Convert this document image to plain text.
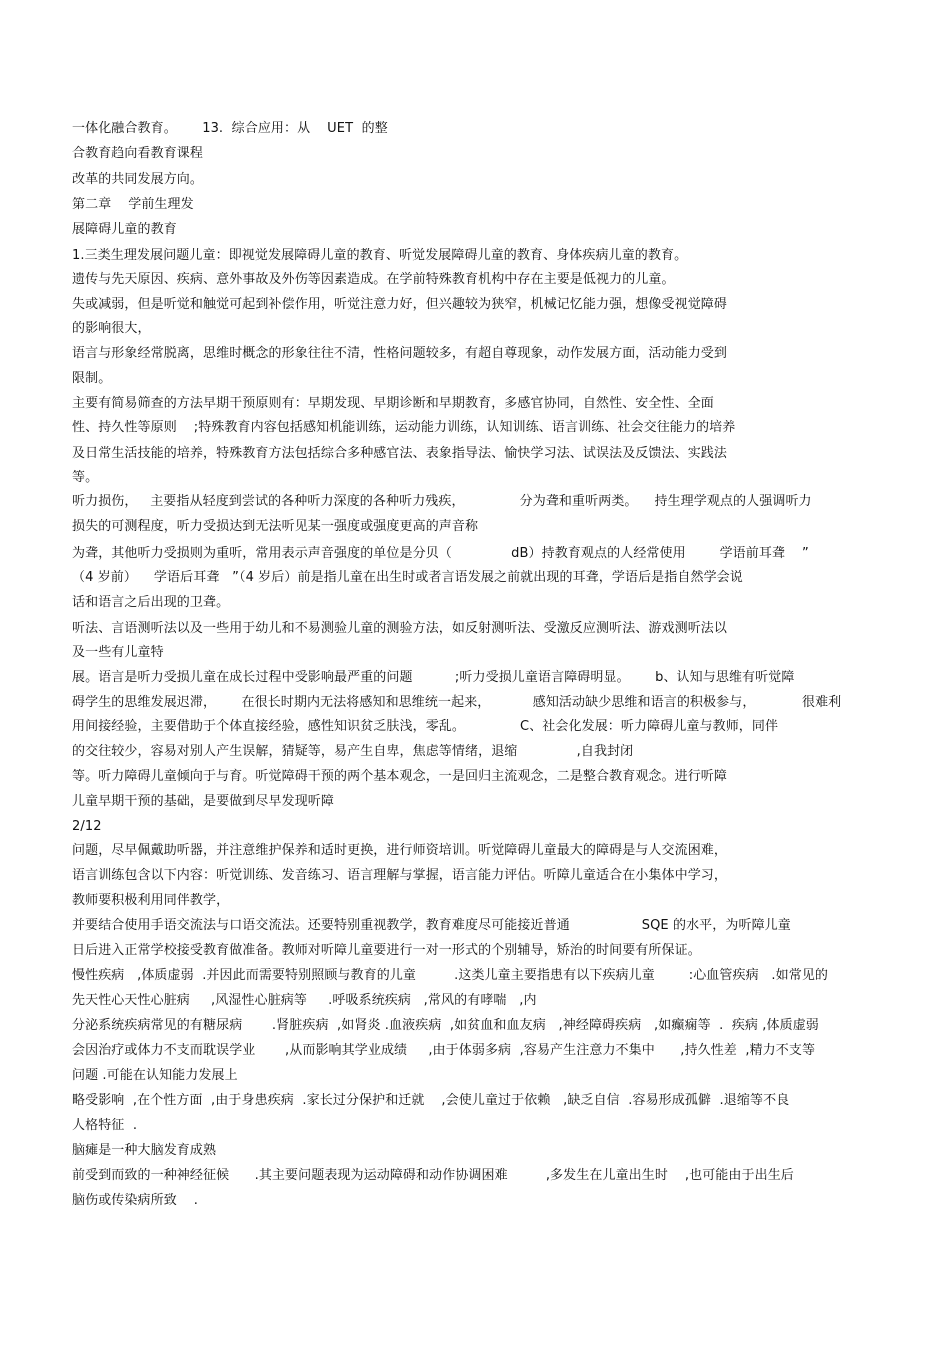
一体化融合教育。      13.  综合应用：从    UET  的整
合教育趋向看教育课程
改革的共同发展方向。
第二章    学前生理发
展障碍儿童的教育
1.三类生理发展问题儿童：即视觉发展障碍儿童的教育、听觉发展障碍儿童的教育、身体疾病儿童的教育。
遗传与先天原因、疾病、意外事故及外伤等因素造成。在学前特殊教育机构中存在主要是低视力的儿童。
失或减弱，但是听觉和触觉可起到补偿作用，听觉注意力好，但兴趣较为狭窄，机械记忆能力强，想像受视觉障碍
的影响很大，
语言与形象经常脱离，思维时概念的形象往往不清，性格问题较多，有超自尊现象，动作发展方面，活动能力受到
限制。
主要有简易筛查的方法早期干预原则有：早期发现、早期诊断和早期教育，多感官协同，自然性、安全性、全面
性、持久性等原则    ;特殊教育内容包括感知机能训练，运动能力训练，认知训练、语言训练、社会交往能力的培养
及日常生活技能的培养，特殊教育方法包括综合多种感官法、表象指导法、愉快学习法、试误法及反馈法、实践法
等。
听力损伤，   主要指从轻度到尝试的各种听力深度的各种听力残疾，             分为聋和重听两类。    持生理学观点的人强调听力
损失的可测程度，听力受损达到无法听见某一强度或强度更高的声音称
为聋，其他听力受损则为重听，常用表示声音强度的单位是分贝（              dB）持教育观点的人经常使用        学语前耳聋    ”
（4 岁前）    学语后耳聋   ”（4 岁后）前是指儿童在出生时或者言语发展之前就出现的耳聋，学语后是指自然学会说
话和语言之后出现的卫聋。
听法、言语测听法以及一些用于幼儿和不易测验儿童的测验方法，如反射测听法、受激反应测听法、游戏测听法以
及一些有儿童特
展。语言是听力受损儿童在成长过程中受影响最严重的问题          ;听力受损儿童语言障碍明显。      b、认知与思维有听觉障
碍学生的思维发展迟滞，      在很长时期内无法将感知和思维统一起来，          感知活动缺少思维和语言的积极参与，           很难利
用间接经验，主要借助于个体直接经验，感性知识贫乏肤浅，零乱。             C、社会化发展：听力障碍儿童与教师，同伴
的交往较少，容易对别人产生误解，猜疑等，易产生自卑，焦虑等情绪，退缩              ,自我封闭
等。听力障碍儿童倾向于与育。听觉障碍干预的两个基本观念，一是回归主流观念，二是整合教育观念。进行听障
儿童早期干预的基础，是要做到尽早发现听障
2/12
问题，尽早佩戴助听器，并注意维护保养和适时更换，进行师资培训。听觉障碍儿童最大的障碍是与人交流困难，
语言训练包含以下内容：听觉训练、发音练习、语言理解与掌握，语言能力评估。听障儿童适合在小集体中学习，
教师要积极利用同伴教学，
并要结合使用手语交流法与口语交流法。还要特别重视教学，教育难度尽可能接近普通                 SQE 的水平，为听障儿童
日后进入正常学校接受教育做准备。教师对听障儿童要进行一对一形式的个别辅导，矫治的时间要有所保证。
慢性疾病   ,体质虚弱  .并因此而需要特别照顾与教育的儿童         .这类儿童主要指患有以下疾病儿童        :心血管疾病   .如常见的
先天性心天性心脏病     ,风湿性心脏病等     .呼吸系统疾病   ,常风的有哮喘   ,内
分泌系统疾病常见的有糖尿病       .肾脏疾病  ,如肾炎 .血液疾病  ,如贫血和血友病   ,神经障碍疾病   ,如癫痫等  .  疾病 ,体质虚弱
会因治疗或体力不支而耽误学业       ,从而影响其学业成绩     ,由于体弱多病  ,容易产生注意力不集中      ,持久性差  ,精力不支等
问题 .可能在认知能力发展上
略受影响  ,在个性方面  ,由于身患疾病  .家长过分保护和迁就    ,会使儿童过于依赖   ,缺乏自信  .容易形成孤僻  .退缩等不良
人格特征  .
脑瘫是一种大脑发育成熟
前受到而致的一种神经征候      .其主要问题表现为运动障碍和动作协调困难         ,多发生在儿童出生时    ,也可能由于出生后
脑伤或传染病所致    .
